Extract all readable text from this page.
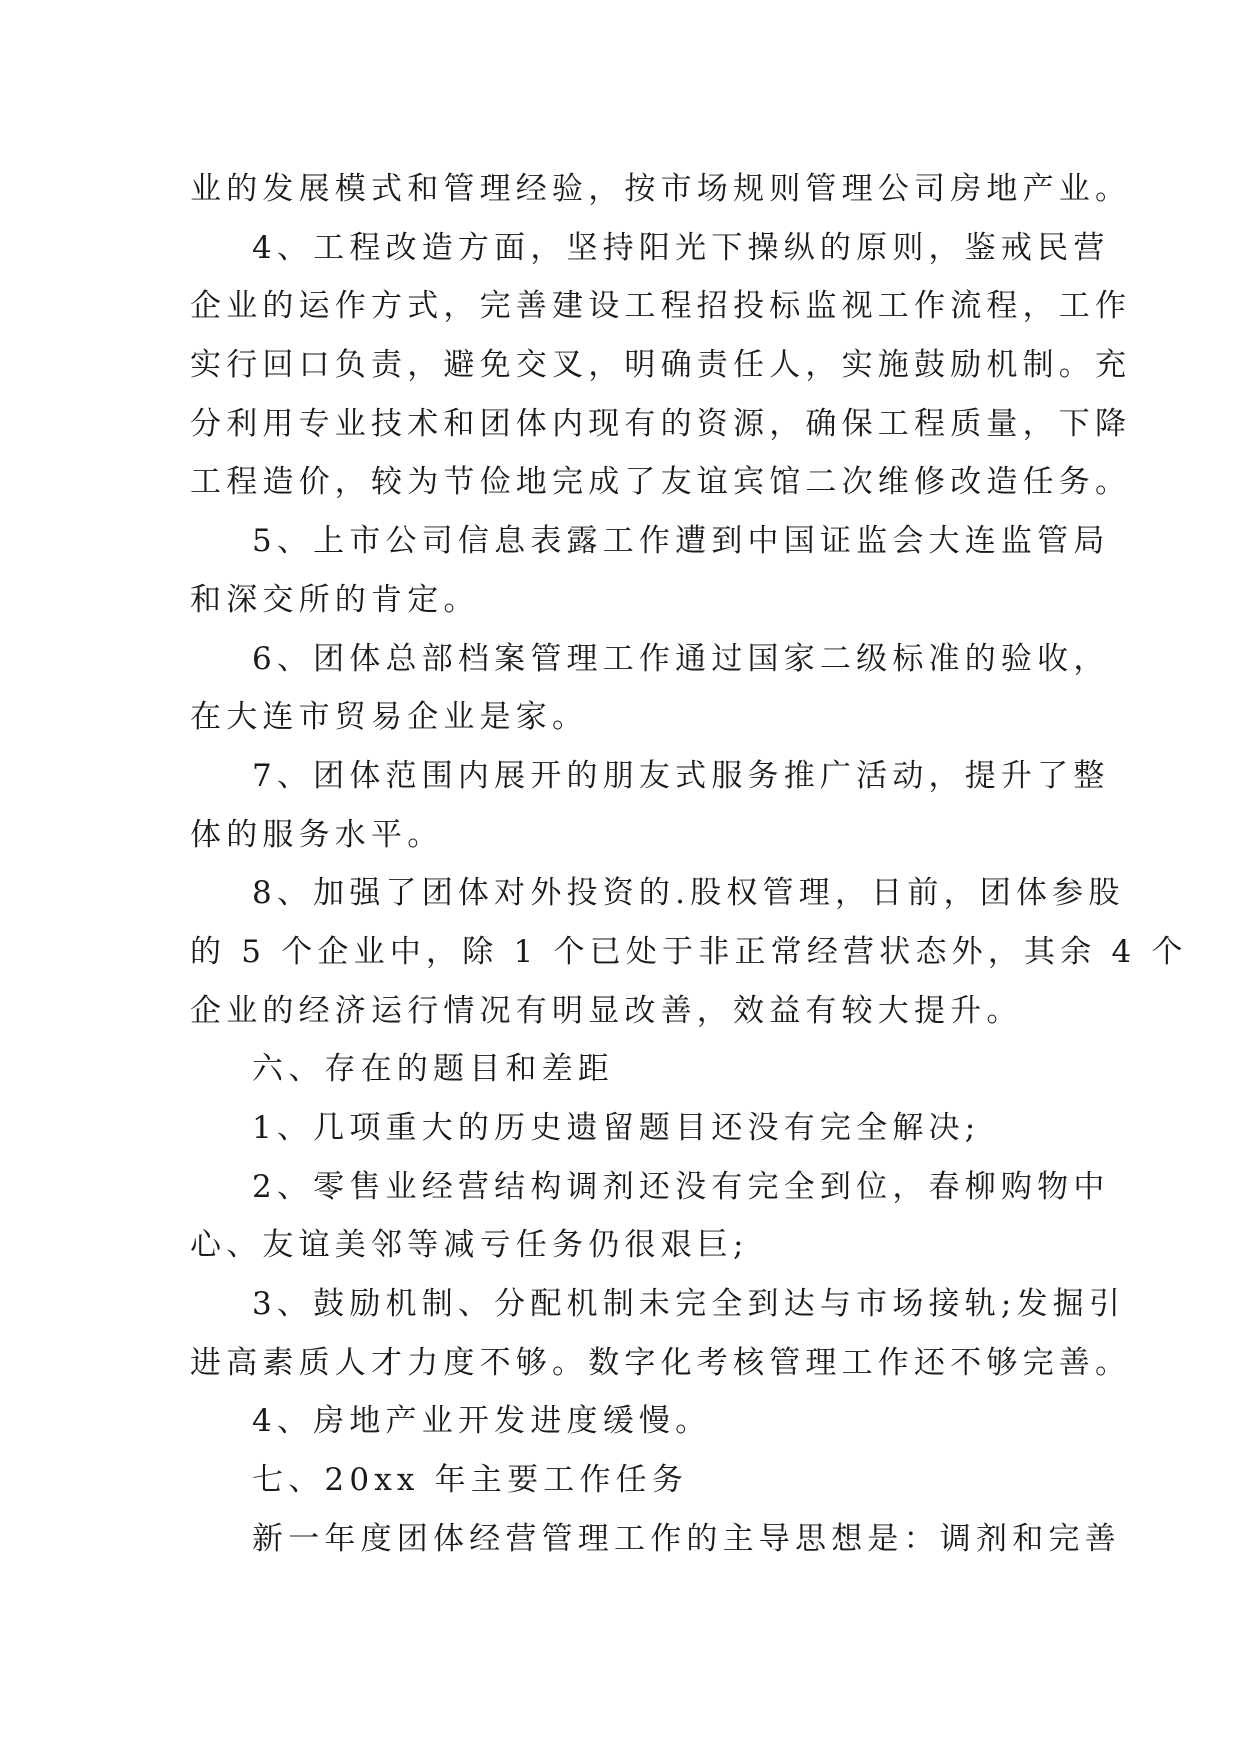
业的发展模式和管理经验，按市场规则管理公司房地产业。
4、工程改造方面，坚持阳光下操纵的原则，鉴戒民营
企业的运作方式，完善建设工程招投标监视工作流程，工作
实行回口负责，避免交叉，明确责任人，实施鼓励机制。充
分利用专业技术和团体内现有的资源，确保工程质量，下降
工程造价，较为节俭地完成了友谊宾馆二次维修改造任务。
5、上市公司信息表露工作遭到中国证监会大连监管局
和深交所的肯定。
6、团体总部档案管理工作通过国家二级标准的验收，
在大连市贸易企业是家。
7、团体范围内展开的朋友式服务推广活动，提升了整
体的服务水平。
8、加强了团体对外投资的.股权管理，日前，团体参股
的 5 个企业中，除 1 个已处于非正常经营状态外，其余 4 个
企业的经济运行情况有明显改善，效益有较大提升。
六、存在的题目和差距
1、几项重大的历史遗留题目还没有完全解决;
2、零售业经营结构调剂还没有完全到位，春柳购物中
心、友谊美邻等减亏任务仍很艰巨;
3、鼓励机制、分配机制未完全到达与市场接轨;发掘引
进高素质人才力度不够。数字化考核管理工作还不够完善。
4、房地产业开发进度缓慢。
七、20xx 年主要工作任务
新一年度团体经营管理工作的主导思想是：调剂和完善
